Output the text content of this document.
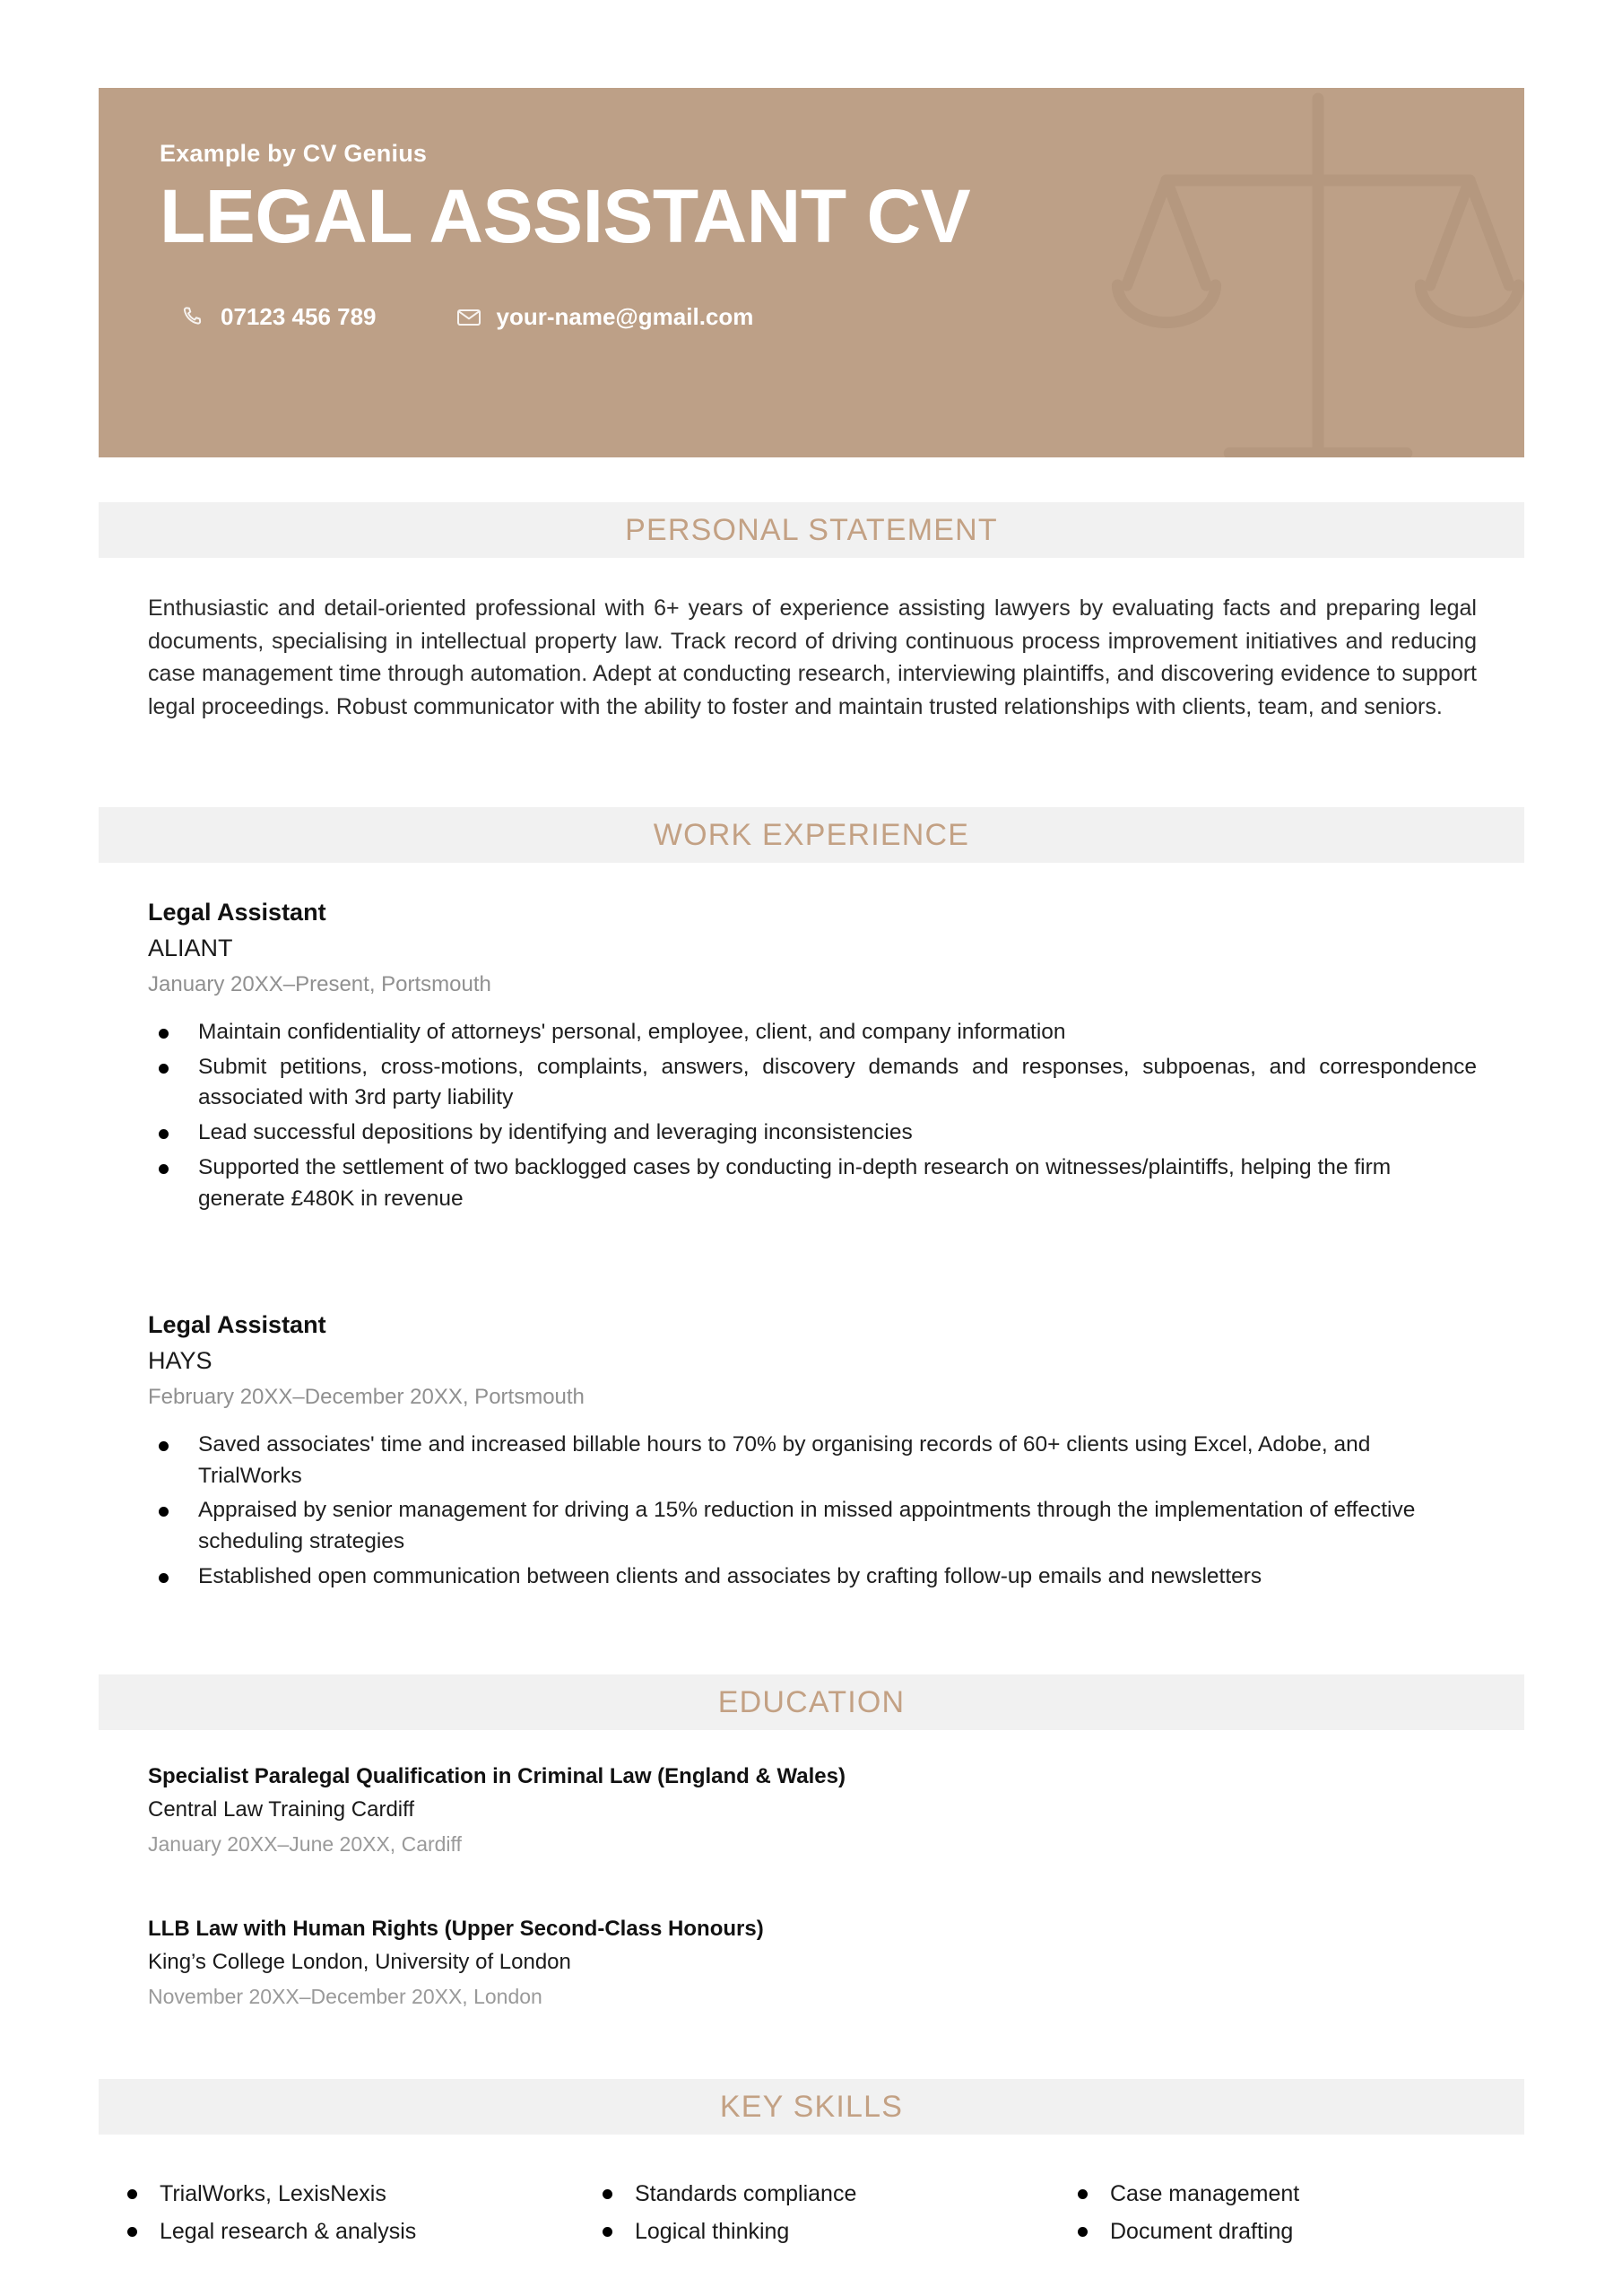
Example by CV Genius
LEGAL ASSISTANT CV
07123 456 789	your-name@gmail.com
PERSONAL STATEMENT

Enthusiastic and detail-oriented professional with 6+ years of experience assisting lawyers by evaluating facts and preparing legal documents, specialising in intellectual property law. Track record of driving continuous process improvement initiatives and reducing case management time through automation. Adept at conducting research, interviewing plaintiffs, and discovering evidence to support legal proceedings. Robust communicator with the ability to foster and maintain trusted relationships with clients, team, and seniors.

WORK EXPERIENCE
Legal Assistant
ALIANT
January 20XX–Present, Portsmouth
Maintain confidentiality of attorneys' personal, employee, client, and company information
Submit petitions, cross-motions, complaints, answers, discovery demands and responses, subpoenas, and correspondence associated with 3rd party liability
Lead successful depositions by identifying and leveraging inconsistencies
Supported the settlement of two backlogged cases by conducting in-depth research on witnesses/plaintiffs, helping the firm generate £480K in revenue
Legal Assistant
HAYS
February 20XX–December 20XX, Portsmouth
Saved associates' time and increased billable hours to 70% by organising records of 60+ clients using Excel, Adobe, and TrialWorks
Appraised by senior management for driving a 15% reduction in missed appointments through the implementation of effective scheduling strategies
Established open communication between clients and associates by crafting follow-up emails and newsletters
EDUCATION
Specialist Paralegal Qualification in Criminal Law (England & Wales)
Central Law Training Cardiff
January 20XX–June 20XX, Cardiff
LLB Law with Human Rights (Upper Second-Class Honours)
King’s College London, University of London
November 20XX–December 20XX, London
KEY SKILLS
TrialWorks, LexisNexis	Standards compliance	Case management
Legal research & analysis	Logical thinking	Document drafting
